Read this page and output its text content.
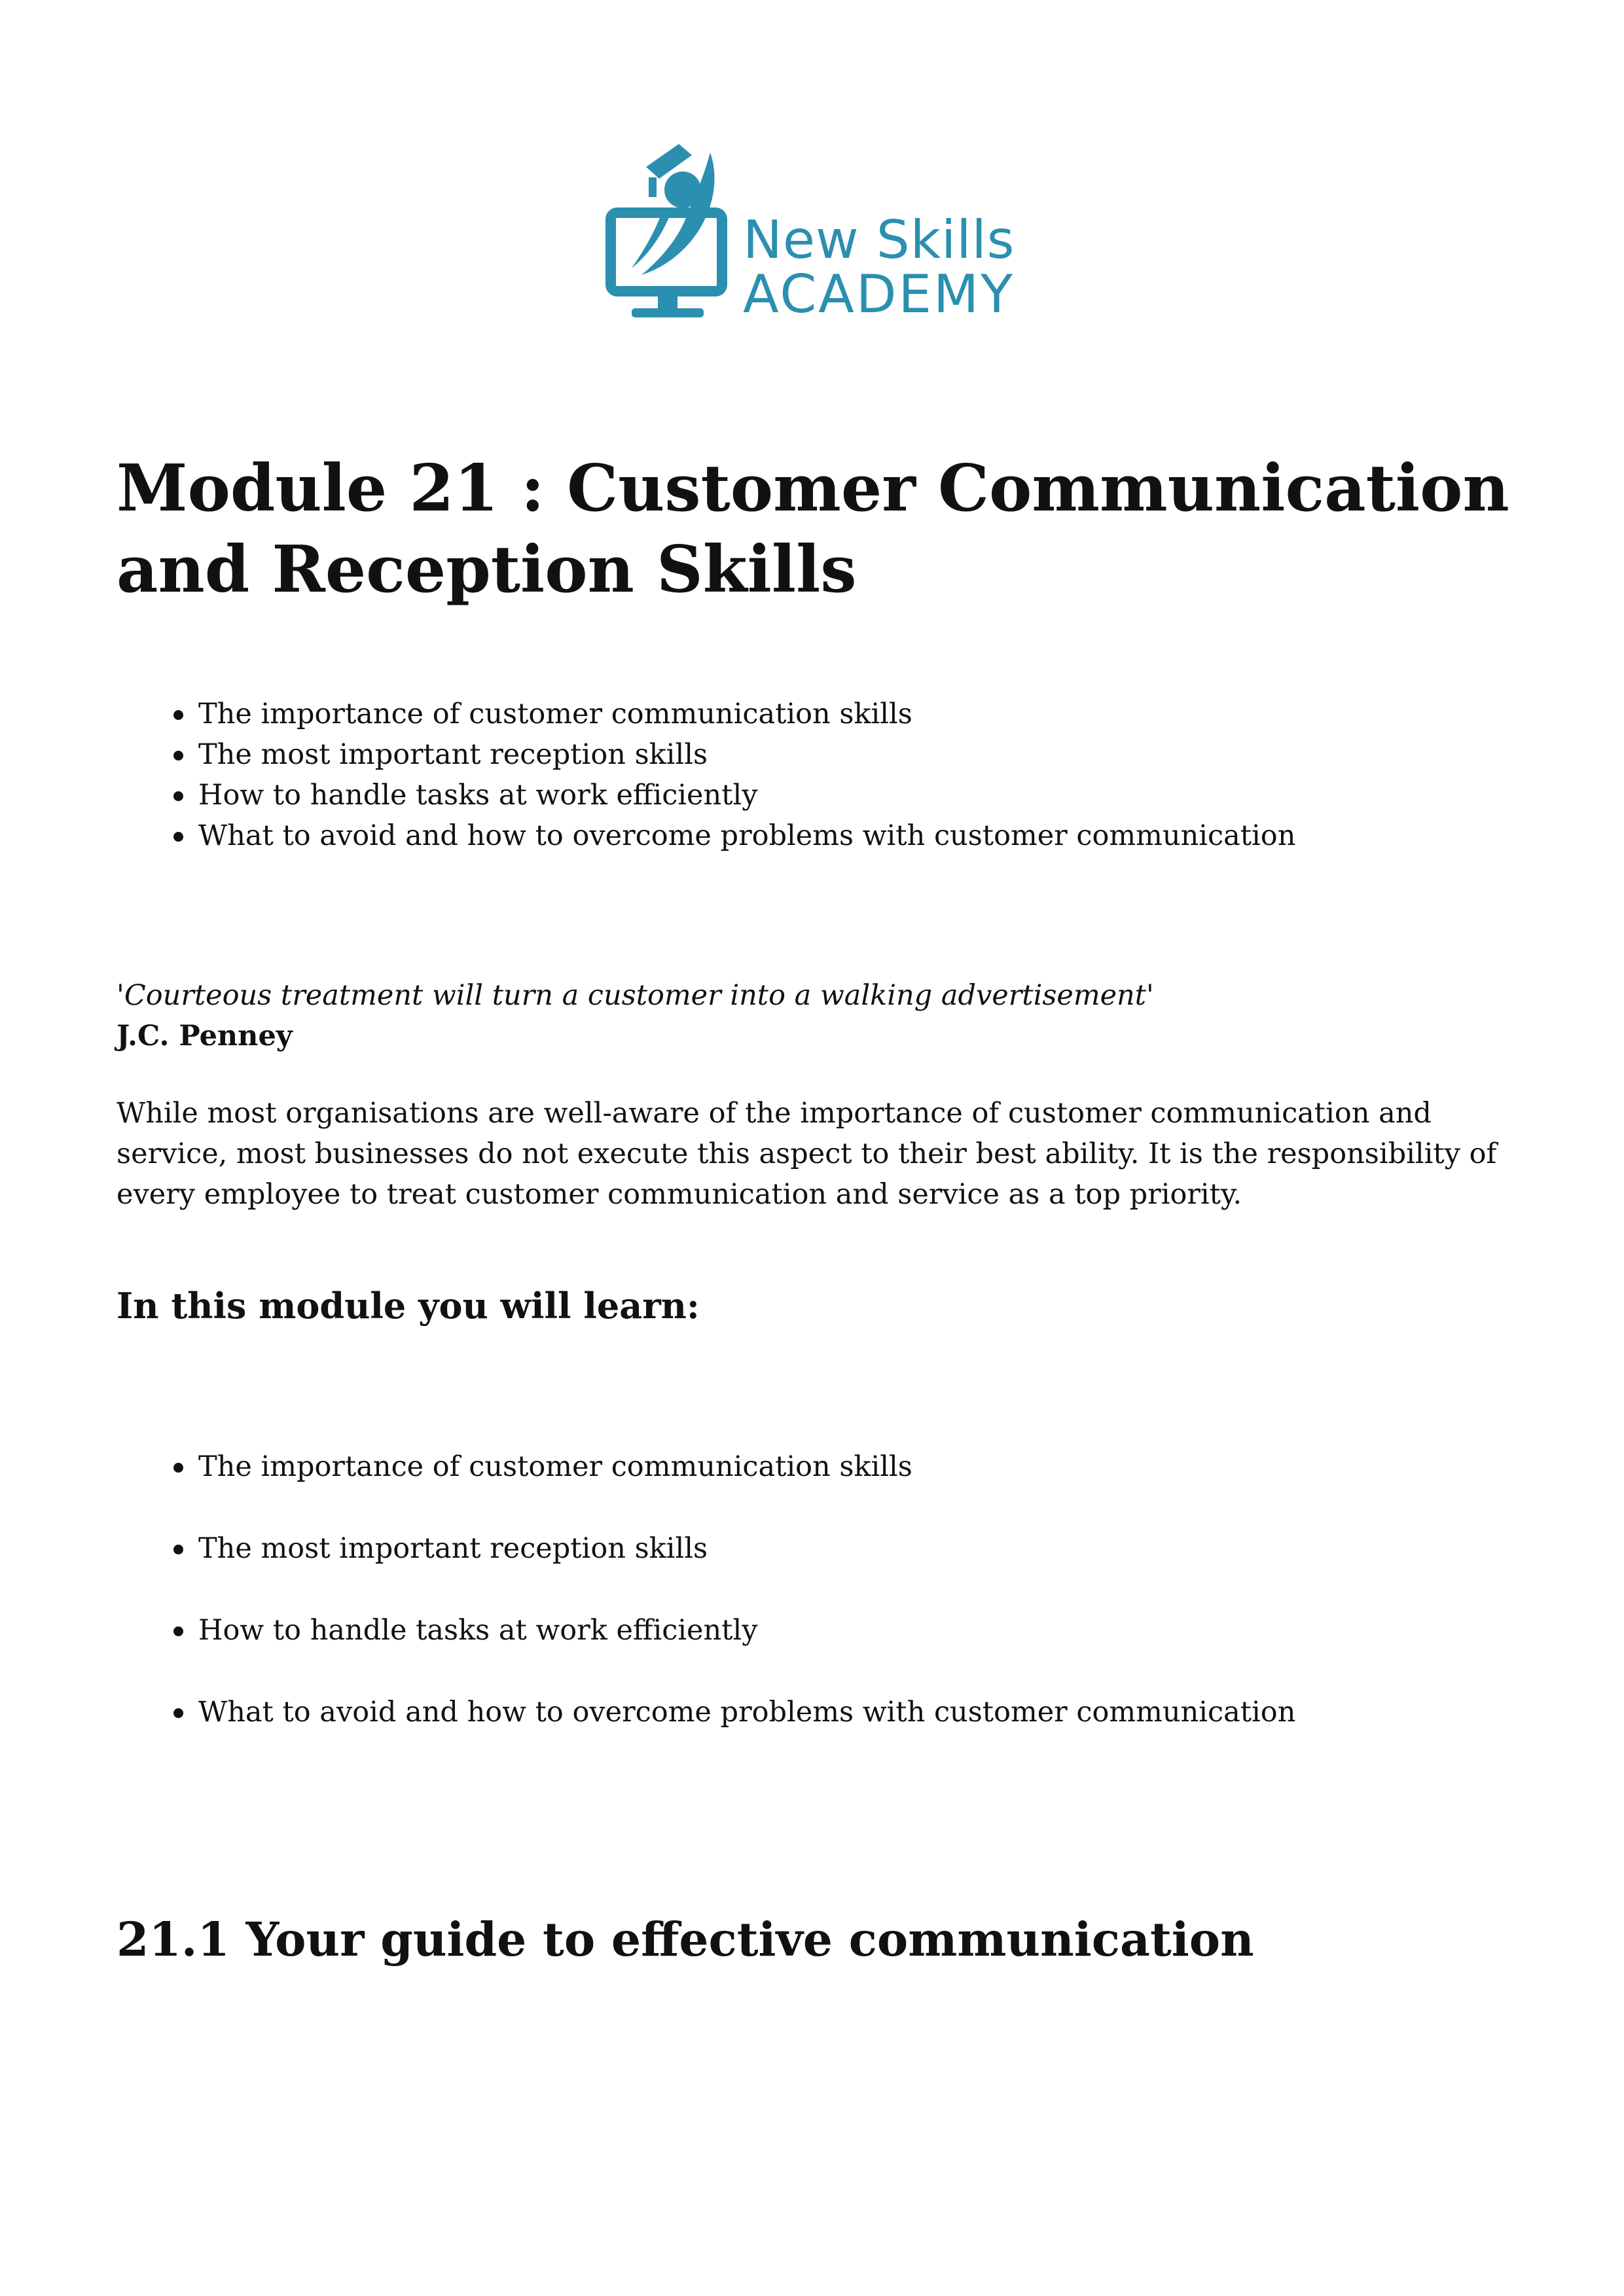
New Skills
ACADEMY
Module 21 : Customer Communication and Reception Skills
The importance of customer communication skills
The most important reception skills
How to handle tasks at work efficiently
What to avoid and how to overcome problems with customer communication
'Courteous treatment will turn a customer into a walking advertisement'
J.C. Penney

While most organisations are well-aware of the importance of customer communication and service, most businesses do not execute this aspect to their best ability. It is the responsibility of every employee to treat customer communication and service as a top priority.

In this module you will learn:
The importance of customer communication skills
The most important reception skills
How to handle tasks at work efficiently
What to avoid and how to overcome problems with customer communication
21.1 Your guide to effective communication
